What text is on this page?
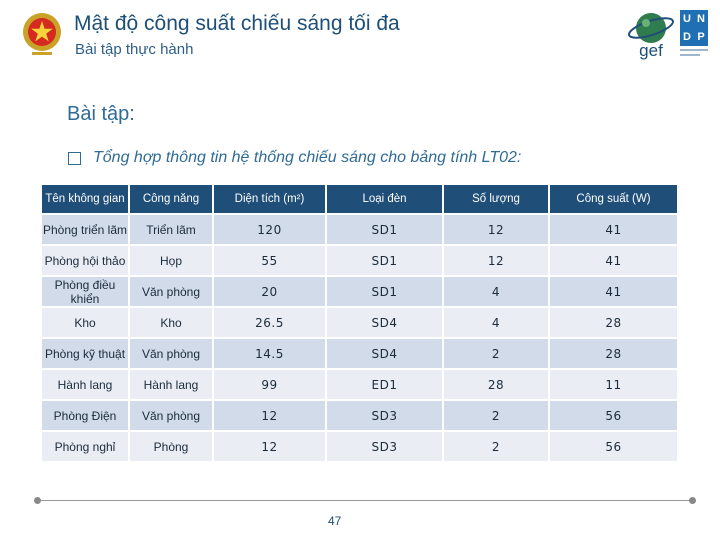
Mật độ công suất chiếu sáng tối đa
Bài tập thực hành	gef
U N
D P
Bài tập:
Tổng hợp thông tin hệ thống chiếu sáng cho bảng tính LT02:
Tên không gian	Công năng	Diện tích (m²)	Loại đèn	Số lượng	Công suất (W)
Phòng triển lãm	Triển lãm	120	SD1	12	41
Phòng hội thảo	Họp	55	SD1	12	41
Phòng điều khiển	Văn phòng	20	SD1	4	41
Kho	Kho	26.5	SD4	4	28
Phòng kỹ thuật	Văn phòng	14.5	SD4	2	28
Hành lang	Hành lang	99	ED1	28	11
Phòng Điện	Văn phòng	12	SD3	2	56
Phòng nghỉ	Phòng	12	SD3	2	56
47
